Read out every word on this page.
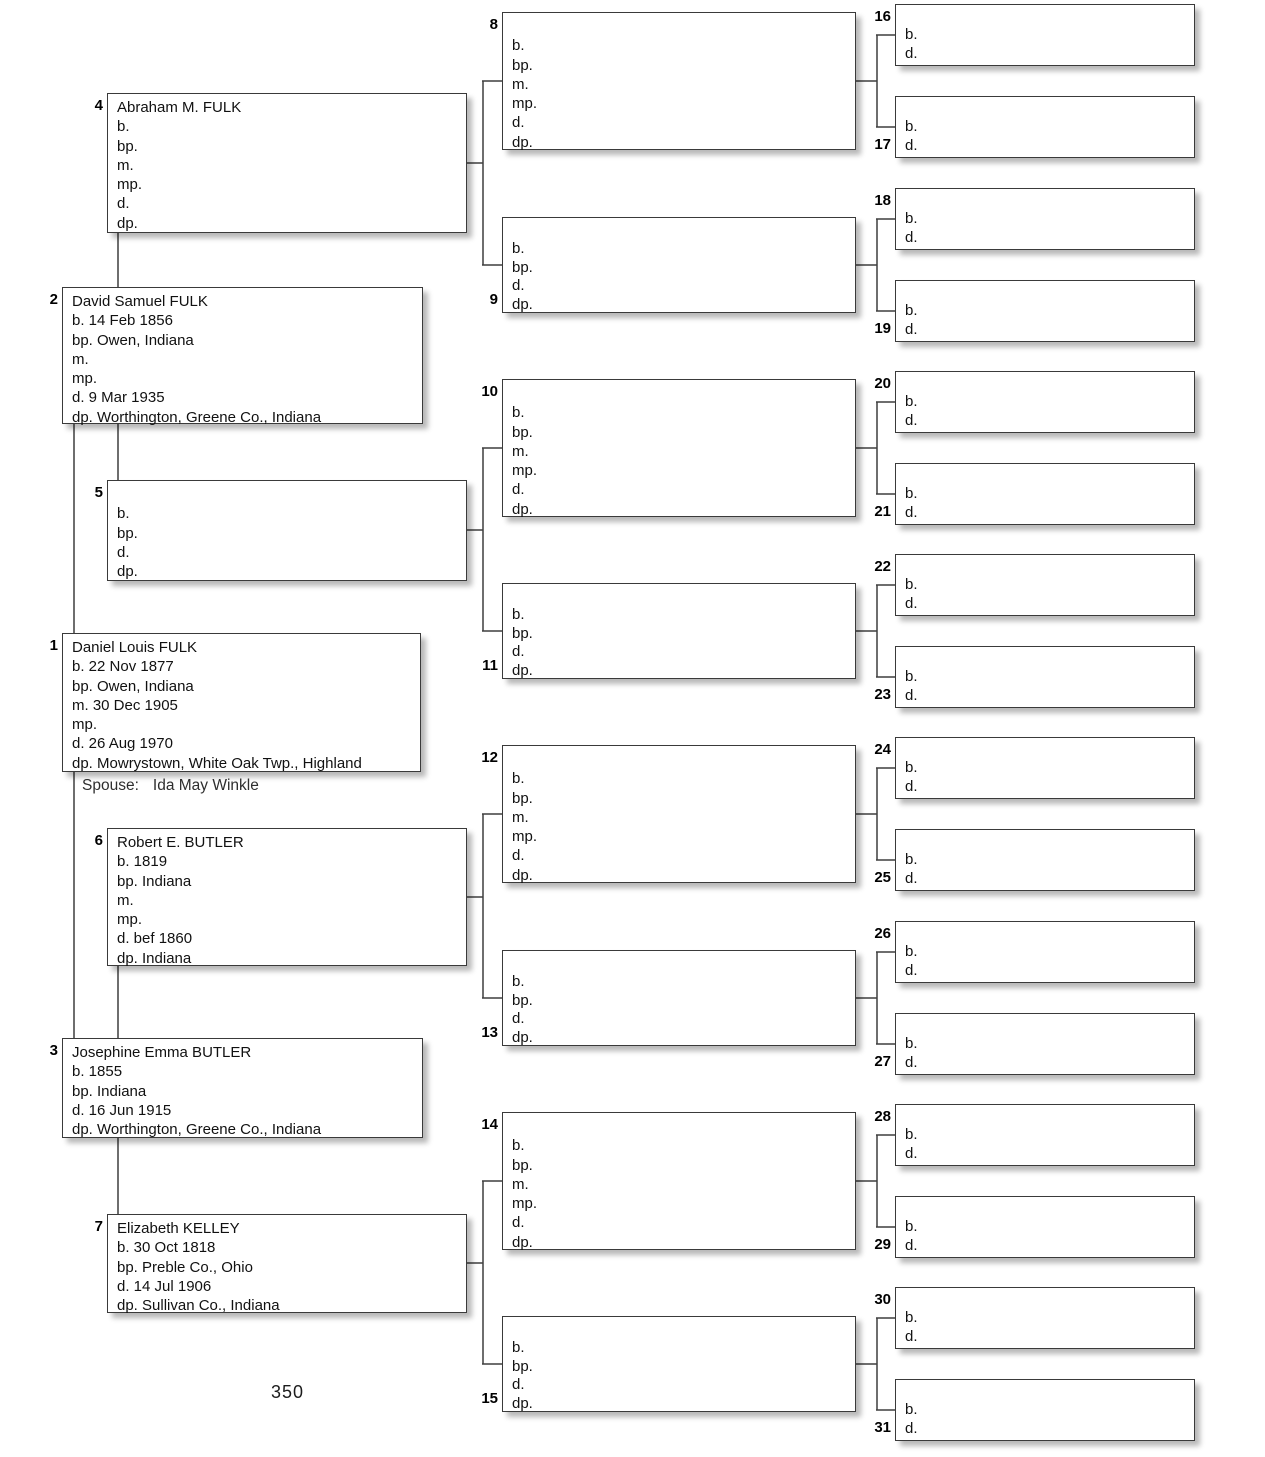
4 Abraham M. FULK
b.
bp.
m.
mp.
d.
dp.
2 David Samuel FULK
b. 14 Feb 1856
bp. Owen, Indiana
m.
mp.
d. 9 Mar 1935
dp. Worthington, Greene Co., Indiana
5
b.
bp.
d.
dp.
1 Daniel Louis FULK
b. 22 Nov 1877
bp. Owen, Indiana
m. 30 Dec 1905
mp.
d. 26 Aug 1970
dp. Mowrystown, White Oak Twp., Highland
Spouse: Ida May Winkle
6 Robert E. BUTLER
b. 1819
bp. Indiana
m.
mp.
d. bef 1860
dp. Indiana
3 Josephine Emma BUTLER
b. 1855
bp. Indiana
d. 16 Jun 1915
dp. Worthington, Greene Co., Indiana
7 Elizabeth KELLEY
b. 30 Oct 1818
bp. Preble Co., Ohio
d. 14 Jul 1906
dp. Sullivan Co., Indiana
8
b.
bp.
m.
mp.
d.
dp.
9
b.
bp.
d.
dp.
10
b.
bp.
m.
mp.
d.
dp.
11
b.
bp.
d.
dp.
12
b.
bp.
m.
mp.
d.
dp.
13
b.
bp.
d.
dp.
14
b.
bp.
m.
mp.
d.
dp.
15
b.
bp.
d.
dp.
16
b.
d.
17
b.
d.
18
b.
d.
19
b.
d.
20
b.
d.
21
b.
d.
22
b.
d.
23
b.
d.
24
b.
d.
25
b.
d.
26
b.
d.
27
b.
d.
28
b.
d.
29
b.
d.
30
b.
d.
31
b.
d.
350
